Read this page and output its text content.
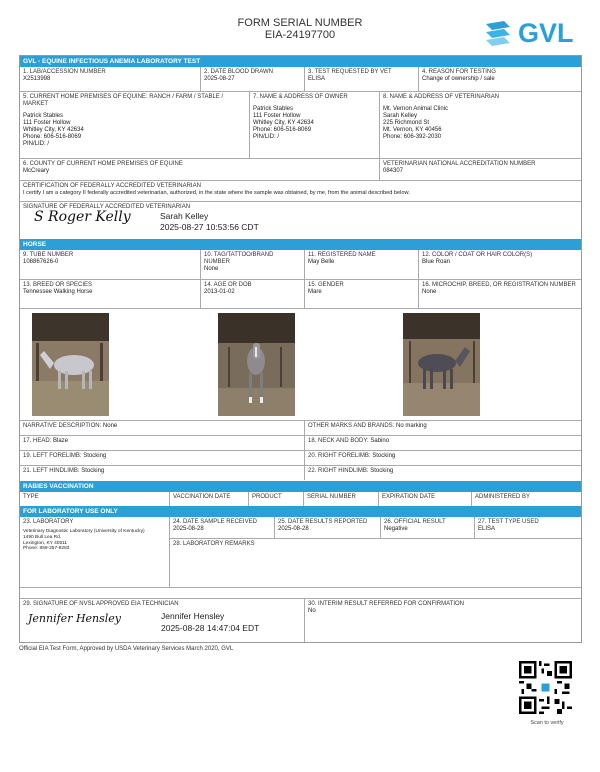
FORM SERIAL NUMBER
EIA-24197700	GVL
GVL - EQUINE INFECTIOUS ANEMIA LABORATORY TEST
1. LAB/ACCESSION NUMBER
X2513998
2. DATE BLOOD DRAWN
2025-08-27
3. TEST REQUESTED BY VET
ELISA
4. REASON FOR TESTING
Change of ownership / sale
5. CURRENT HOME PREMISES OF EQUINE: RANCH / FARM / STABLE / MARKET
Patrick Stables
111 Foster Hollow
Whitley City, KY 42634
Phone: 606-516-8069
PIN/LID: /
7. NAME & ADDRESS OF OWNER
Patrick Stables
111 Foster Hollow
Whitley City, KY 42634
Phone: 606-516-8069
PIN/LID: /
8. NAME & ADDRESS OF VETERINARIAN
Mt. Vernon Animal Clinic
Sarah Kelley
225 Richmond St
Mt. Vernon, KY 40456
Phone: 606-392-2030
6. COUNTY OF CURRENT HOME PREMISES OF EQUINE
McCreary
VETERINARIAN NATIONAL ACCREDITATION NUMBER
084307
CERTIFICATION OF FEDERALLY ACCREDITED VETERINARIAN
I certify I am a category II federally accredited veterinarian, authorized, in the state where the sample was obtained, by me, from the animal described below.
SIGNATURE OF FEDERALLY ACCREDITED VETERINARIAN
S Roger Kelly	Sarah Kelley
2025-08-27 10:53:56 CDT
HORSE
9. TUBE NUMBER
108867626-0
10. TAG/TATTOO/BRAND NUMBER
None
11. REGISTERED NAME
May Belle
12. COLOR / COAT OR HAIR COLOR(S)
Blue Roan
13. BREED OR SPECIES
Tennessee Walking Horse
14. AGE OR DOB
2013-01-02
15. GENDER
Mare
16. MICROCHIP, BREED, OR REGISTRATION NUMBER
None
NARRATIVE DESCRIPTION: None	OTHER MARKS AND BRANDS: No marking
17. HEAD: Blaze	18. NECK AND BODY: Sabino
19. LEFT FORELIMB: Stocking	20. RIGHT FORELIMB: Stocking
21. LEFT HINDLIMB: Stocking	22. RIGHT HINDLIMB: Stocking
RABIES VACCINATION
TYPE	VACCINATION DATE	PRODUCT	SERIAL NUMBER	EXPIRATION DATE	ADMINISTERED BY
FOR LABORATORY USE ONLY
23. LABORATORY
Veterinary Diagnostic Laboratory (University of Kentucky)
1490 Bull Lea Rd.
Lexington, KY 40511
Phone: 859-257-8283
24. DATE SAMPLE RECEIVED
2025-08-28
25. DATE RESULTS REPORTED
2025-08-28
26. OFFICIAL RESULT
Negative
27. TEST TYPE USED
ELISA
28. LABORATORY REMARKS
29. SIGNATURE OF NVSL APPROVED EIA TECHNICIAN
Jennifer Hensley	Jennifer Hensley
2025-08-28 14:47:04 EDT
30. INTERIM RESULT REFERRED FOR CONFIRMATION
No
Official EIA Test Form, Approved by USDA Veterinary Services March 2020, GVL
Scan to verify
